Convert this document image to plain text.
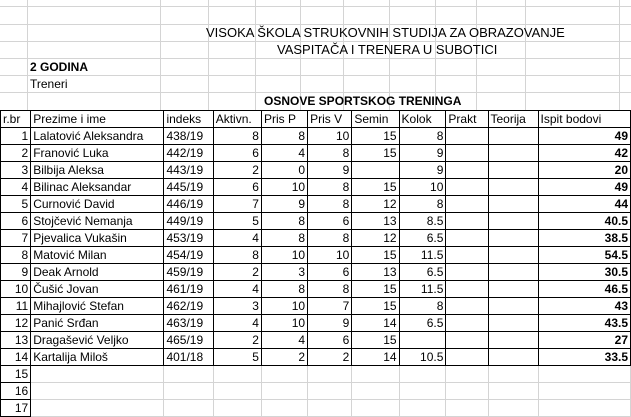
VISOKA ŠKOLA STRUKOVNIH STUDIJA ZA OBRAZOVANJE
VASPITAČA I TRENERA U SUBOTICI
2 GODINA
Treneri
OSNOVE SPORTSKOG TRENINGA
r.br	Prezime i ime	indeks	Aktivn.	Pris P	Pris V	Semin	Kolok	Prakt	Teorija	Ispit bodovi
1	Lalatović Aleksandra	438/19	8	8	10	15	8			49
2	Franović Luka	442/19	6	4	8	15	9			42
3	Bilbija Aleksa	443/19	2	0	9		9			20
4	Bilinac Aleksandar	445/19	6	10	8	15	10			49
5	Curnović David	446/19	7	9	8	12	8			44
6	Stojčević Nemanja	449/19	5	8	6	13	8.5			40.5
7	Pjevalica Vukašin	453/19	4	8	8	12	6.5			38.5
8	Matović Milan	454/19	8	10	10	15	11.5			54.5
9	Deak Arnold	459/19	2	3	6	13	6.5			30.5
10	Čušić Jovan	461/19	4	8	8	15	11.5			46.5
11	Mihajlović Stefan	462/19	3	10	7	15	8			43
12	Panić Srđan	463/19	4	10	9	14	6.5			43.5
13	Dragašević Veljko	465/19	2	4	6	15				27
14	Kartalija Miloš	401/18	5	2	2	14	10.5			33.5
15										
16										
17										
